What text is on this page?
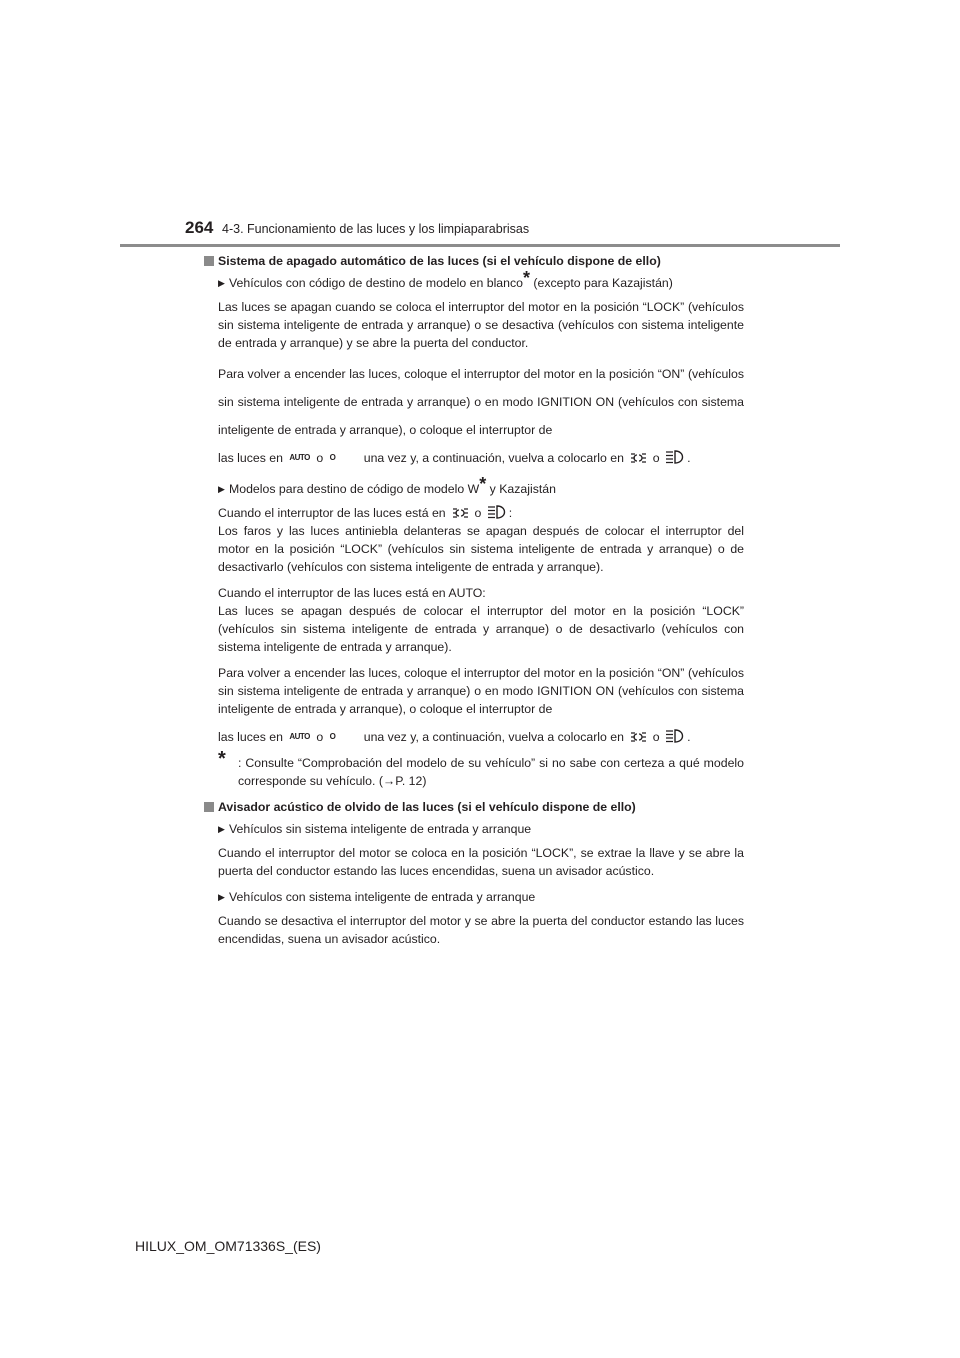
264 4-3. Funcionamiento de las luces y los limpiaparabrisas
Sistema de apagado automático de las luces (si el vehículo dispone de ello)
▶ Vehículos con código de destino de modelo en blanco* (excepto para Kazajistán)

Las luces se apagan cuando se coloca el interruptor del motor en la posición “LOCK” (vehículos sin sistema inteligente de entrada y arranque) o se desactiva (vehículos con sistema inteligente de entrada y arranque) y se abre la puerta del conductor.

Para volver a encender las luces, coloque el interruptor del motor en la posición “ON” (vehículos sin sistema inteligente de entrada y arranque) o en modo IGNITION ON (vehículos con sistema inteligente de entrada y arranque), o coloque el interruptor de
las luces en AUTO o O una vez y, a continuación, vuelva a colocarlo en o .

▶ Modelos para destino de código de modelo W* y Kazajistán

Cuando el interruptor de las luces está en o :
Los faros y las luces antiniebla delanteras se apagan después de colocar el interruptor del motor en la posición “LOCK” (vehículos sin sistema inteligente de entrada y arranque) o de desactivarlo (vehículos con sistema inteligente de entrada y arranque).

Cuando el interruptor de las luces está en AUTO:
Las luces se apagan después de colocar el interruptor del motor en la posición “LOCK” (vehículos sin sistema inteligente de entrada y arranque) o de desactivarlo (vehículos con sistema inteligente de entrada y arranque).

Para volver a encender las luces, coloque el interruptor del motor en la posición “ON” (vehículos sin sistema inteligente de entrada y arranque) o en modo IGNITION ON (vehículos con sistema inteligente de entrada y arranque), o coloque el interruptor de
las luces en AUTO o O una vez y, a continuación, vuelva a colocarlo en o .

* : Consulte “Comprobación del modelo de su vehículo” si no sabe con certeza a qué modelo corresponde su vehículo. (→P. 12)
Avisador acústico de olvido de las luces (si el vehículo dispone de ello)
▶ Vehículos sin sistema inteligente de entrada y arranque

Cuando el interruptor del motor se coloca en la posición “LOCK”, se extrae la llave y se abre la puerta del conductor estando las luces encendidas, suena un avisador acústico.

▶ Vehículos con sistema inteligente de entrada y arranque

Cuando se desactiva el interruptor del motor y se abre la puerta del conductor estando las luces encendidas, suena un avisador acústico.

HILUX_OM_OM71336S_(ES)
